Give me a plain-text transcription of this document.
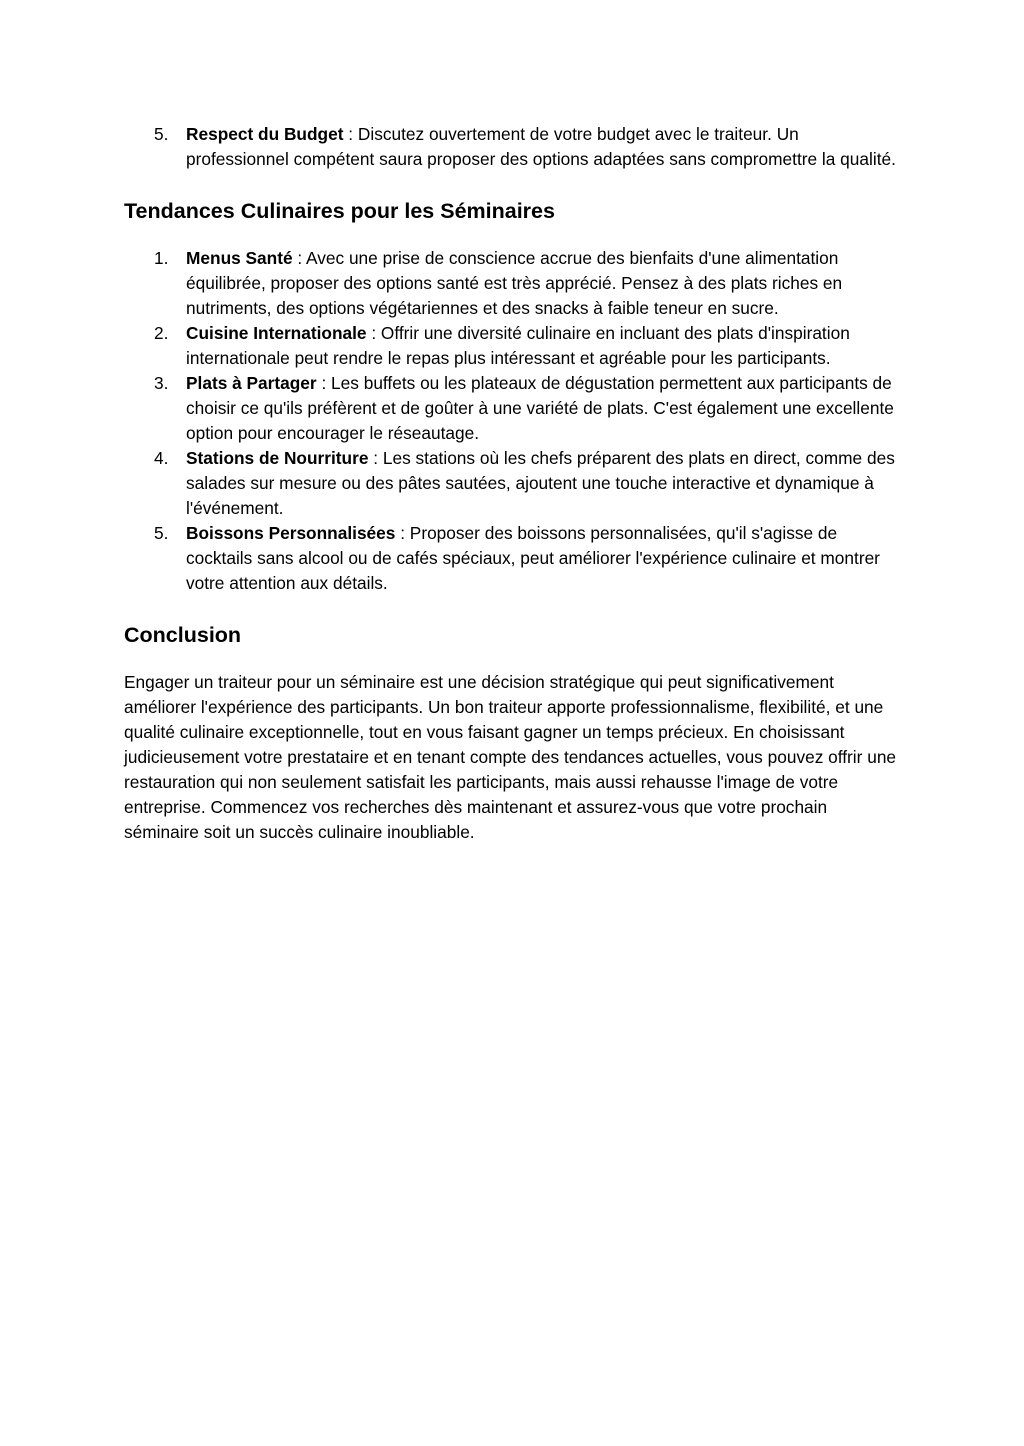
5. Respect du Budget : Discutez ouvertement de votre budget avec le traiteur. Un professionnel compétent saura proposer des options adaptées sans compromettre la qualité.
Tendances Culinaires pour les Séminaires
1. Menus Santé : Avec une prise de conscience accrue des bienfaits d'une alimentation équilibrée, proposer des options santé est très apprécié. Pensez à des plats riches en nutriments, des options végétariennes et des snacks à faible teneur en sucre.
2. Cuisine Internationale : Offrir une diversité culinaire en incluant des plats d'inspiration internationale peut rendre le repas plus intéressant et agréable pour les participants.
3. Plats à Partager : Les buffets ou les plateaux de dégustation permettent aux participants de choisir ce qu'ils préfèrent et de goûter à une variété de plats. C'est également une excellente option pour encourager le réseautage.
4. Stations de Nourriture : Les stations où les chefs préparent des plats en direct, comme des salades sur mesure ou des pâtes sautées, ajoutent une touche interactive et dynamique à l'événement.
5. Boissons Personnalisées : Proposer des boissons personnalisées, qu'il s'agisse de cocktails sans alcool ou de cafés spéciaux, peut améliorer l'expérience culinaire et montrer votre attention aux détails.
Conclusion

Engager un traiteur pour un séminaire est une décision stratégique qui peut significativement améliorer l'expérience des participants. Un bon traiteur apporte professionnalisme, flexibilité, et une qualité culinaire exceptionnelle, tout en vous faisant gagner un temps précieux. En choisissant judicieusement votre prestataire et en tenant compte des tendances actuelles, vous pouvez offrir une restauration qui non seulement satisfait les participants, mais aussi rehausse l'image de votre entreprise. Commencez vos recherches dès maintenant et assurez-vous que votre prochain séminaire soit un succès culinaire inoubliable.
